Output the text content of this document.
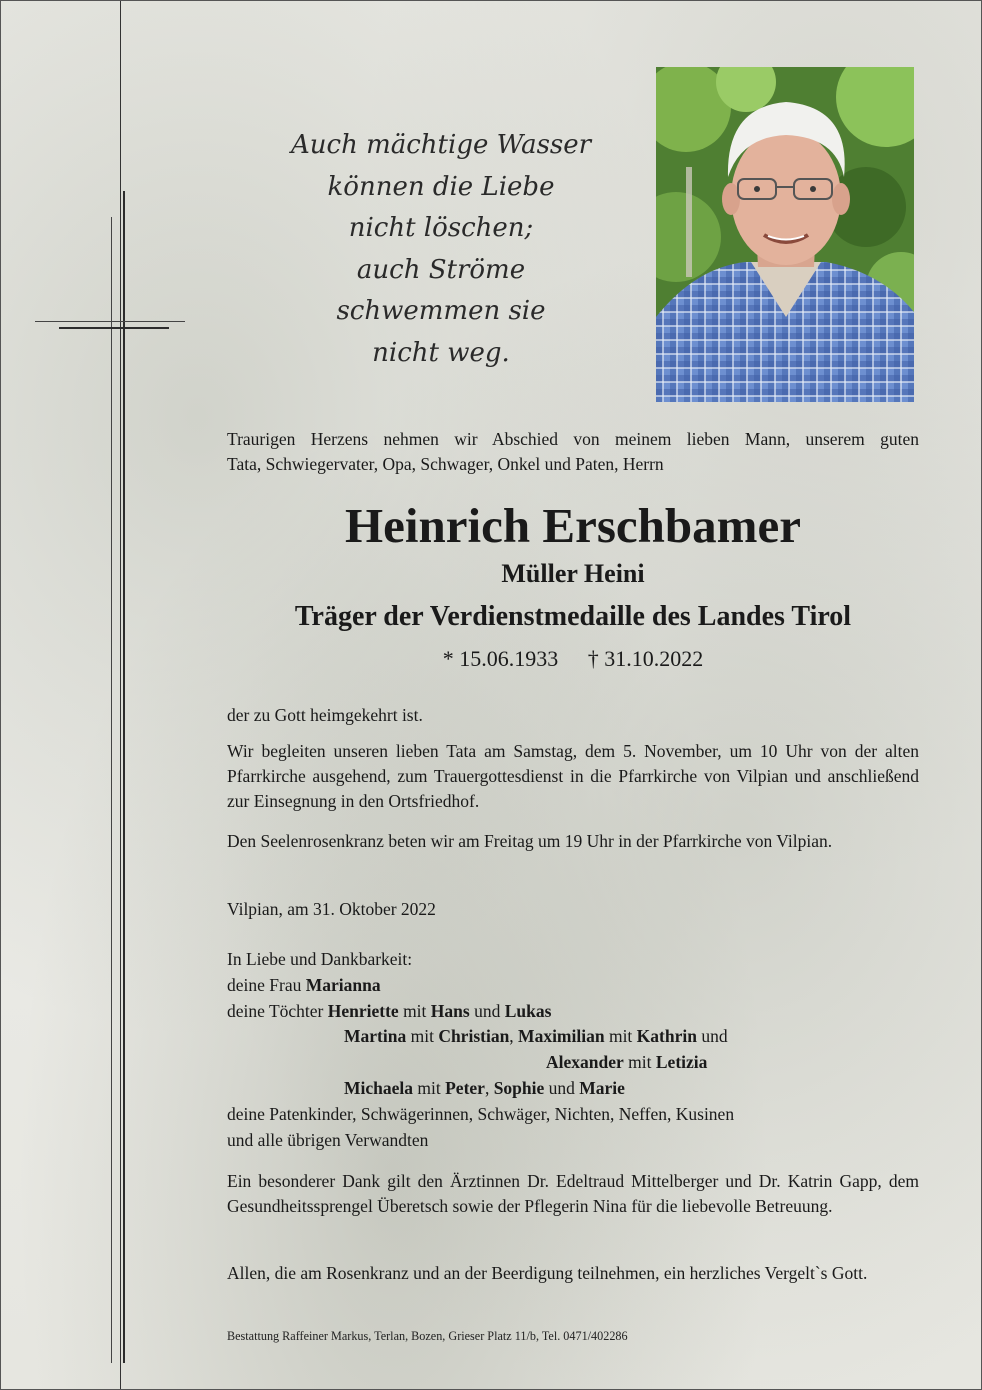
Auch mächtige Wasser
können die Liebe
nicht löschen;
auch Ströme
schwemmen sie
nicht weg.
Traurigen Herzens nehmen wir Abschied von meinem lieben Mann, unserem guten
Tata, Schwiegervater, Opa, Schwager, Onkel und Paten, Herrn
Heinrich Erschbamer
Müller Heini
Träger der Verdienstmedaille des Landes Tirol
* 15.06.1933 † 31.10.2022
der zu Gott heimgekehrt ist.
Wir begleiten unseren lieben Tata am Samstag, dem 5. November, um 10 Uhr von der alten Pfarrkirche ausgehend, zum Trauergottesdienst in die Pfarrkirche von Vilpian und anschließend zur Einsegnung in den Ortsfriedhof.
Den Seelenrosenkranz beten wir am Freitag um 19 Uhr in der Pfarrkirche von Vilpian.
Vilpian, am 31. Oktober 2022
In Liebe und Dankbarkeit:
deine Frau Marianna
deine Töchter Henriette mit Hans und Lukas
Martina mit Christian, Maximilian mit Kathrin und
Alexander mit Letizia
Michaela mit Peter, Sophie und Marie
deine Patenkinder, Schwägerinnen, Schwäger, Nichten, Neffen, Kusinen
und alle übrigen Verwandten
Ein besonderer Dank gilt den Ärztinnen Dr. Edeltraud Mittelberger und Dr. Katrin Gapp, dem Gesundheitssprengel Überetsch sowie der Pflegerin Nina für die liebevolle Betreuung.
Allen, die am Rosenkranz und an der Beerdigung teilnehmen, ein herzliches Vergelt`s Gott.
Bestattung Raffeiner Markus, Terlan, Bozen, Grieser Platz 11/b, Tel. 0471/402286
